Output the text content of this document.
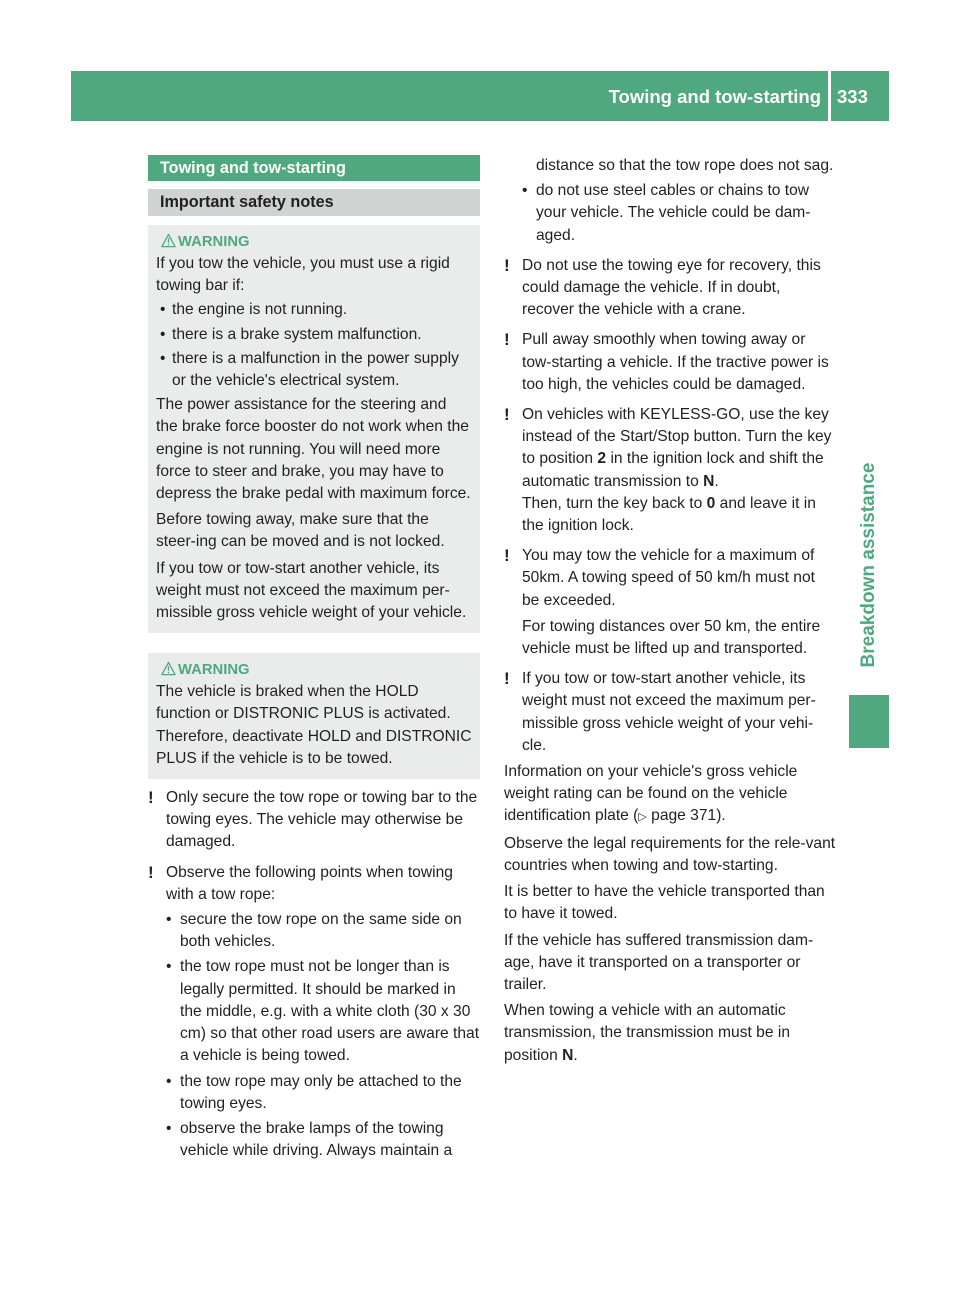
Towing and tow-starting 333
Breakdown assistance
Towing and tow-starting
Important safety notes
WARNING

If you tow the vehicle, you must use a rigid towing bar if:

• the engine is not running.
• there is a brake system malfunction.
• there is a malfunction in the power supply or the vehicle's electrical system.

The power assistance for the steering and the brake force booster do not work when the engine is not running. You will need more force to steer and brake, you may have to depress the brake pedal with maximum force.

Before towing away, make sure that the steer-ing can be moved and is not locked.

If you tow or tow-start another vehicle, its weight must not exceed the maximum per-missible gross vehicle weight of your vehicle.

WARNING

The vehicle is braked when the HOLD function or DISTRONIC PLUS is activated. Therefore, deactivate HOLD and DISTRONIC PLUS if the vehicle is to be towed.

! Only secure the tow rope or towing bar to the towing eyes. The vehicle may otherwise be damaged.

! Observe the following points when towing with a tow rope:

• secure the tow rope on the same side on both vehicles.
• the tow rope must not be longer than is legally permitted. It should be marked in the middle, e.g. with a white cloth (30 x 30 cm) so that other road users are aware that a vehicle is being towed.
• the tow rope may only be attached to the towing eyes.
• observe the brake lamps of the towing vehicle while driving. Always maintain a

distance so that the tow rope does not sag.

• do not use steel cables or chains to tow your vehicle. The vehicle could be dam-aged.
! Do not use the towing eye for recovery, this could damage the vehicle. If in doubt, recover the vehicle with a crane.

! Pull away smoothly when towing away or tow-starting a vehicle. If the tractive power is too high, the vehicles could be damaged.

! On vehicles with KEYLESS-GO, use the key instead of the Start/Stop button. Turn the key to position 2 in the ignition lock and shift the automatic transmission to N.

Then, turn the key back to 0 and leave it in the ignition lock.

! You may tow the vehicle for a maximum of 50km. A towing speed of 50 km/h must not be exceeded.

For towing distances over 50 km, the entire vehicle must be lifted up and transported.

! If you tow or tow-start another vehicle, its weight must not exceed the maximum per-missible gross vehicle weight of your vehi-cle.

Information on your vehicle's gross vehicle weight rating can be found on the vehicle identification plate (▷ page 371).

Observe the legal requirements for the rele-vant countries when towing and tow-starting.

It is better to have the vehicle transported than to have it towed.

If the vehicle has suffered transmission dam-age, have it transported on a transporter or trailer.

When towing a vehicle with an automatic transmission, the transmission must be in position N.
